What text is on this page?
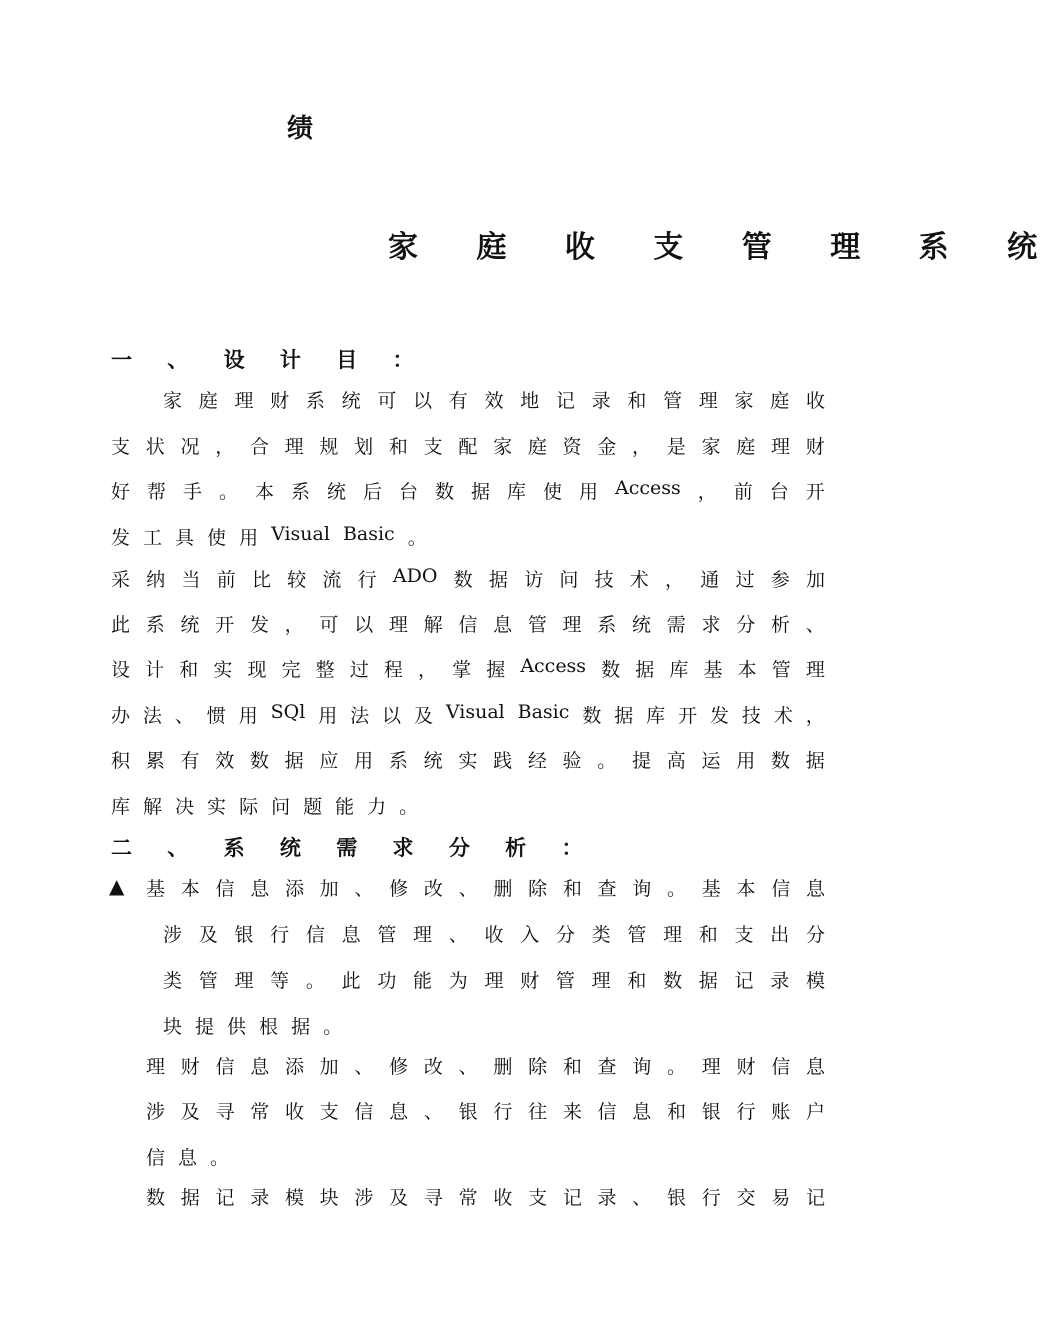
绩
家 庭 收 支 管 理 系 统
一 、 设 计 目 ：
家 庭 理 财 系 统 可 以 有 效 地 记 录 和 管 理 家 庭 收
支 状 况 ， 合 理 规 划 和 支 配 家 庭 资 金 ， 是 家 庭 理 财
好 帮 手 。 本 系 统 后 台 数 据 库 使 用 Access ， 前 台 开
发 工 具 使 用 Visual Basic 。
采 纳 当 前 比 较 流 行 ADO 数 据 访 问 技 术 ， 通 过 参 加
此 系 统 开 发 ， 可 以 理 解 信 息 管 理 系 统 需 求 分 析 、
设 计 和 实 现 完 整 过 程 ， 掌 握 Access 数 据 库 基 本 管 理
办 法 、 惯 用 SQl 用 法 以 及 Visual Basic 数 据 库 开 发 技 术 ，
积 累 有 效 数 据 应 用 系 统 实 践 经 验 。 提 高 运 用 数 据
库 解 决 实 际 问 题 能 力 。
二 、 系 统 需 求 分 析 ：
▲ 基 本 信 息 添 加 、 修 改 、 删 除 和 查 询 。 基 本 信 息
涉 及 银 行 信 息 管 理 、 收 入 分 类 管 理 和 支 出 分
类 管 理 等 。 此 功 能 为 理 财 管 理 和 数 据 记 录 模
块 提 供 根 据 。
理 财 信 息 添 加 、 修 改 、 删 除 和 查 询 。 理 财 信 息
涉 及 寻 常 收 支 信 息 、 银 行 往 来 信 息 和 银 行 账 户
信 息 。
数 据 记 录 模 块 涉 及 寻 常 收 支 记 录 、 银 行 交 易 记
